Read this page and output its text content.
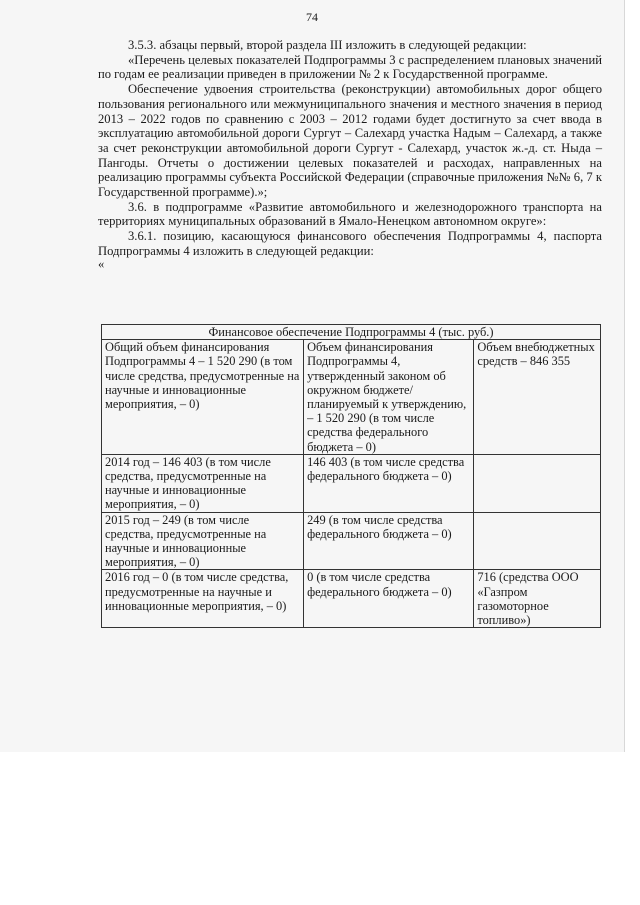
74

3.5.3. абзацы первый, второй раздела III изложить в следующей редакции:

«Перечень целевых показателей Подпрограммы 3 с распределением плановых значений по годам ее реализации приведен в приложении № 2 к Государственной программе.

Обеспечение удвоения строительства (реконструкции) автомобильных дорог общего пользования регионального или межмуниципального значения и местного значения в период 2013 – 2022 годов по сравнению с 2003 – 2012 годами будет достигнуто за счет ввода в эксплуатацию автомобильной дороги Сургут – Салехард участка Надым – Салехард, а также за счет реконструкции автомобильной дороги Сургут - Салехард, участок ж.-д. ст. Ныда – Пангоды. Отчеты о достижении целевых показателей и расходах, направленных на реализацию программы субъекта Российской Федерации (справочные приложения №№ 6, 7 к Государственной программе).»;

3.6. в подпрограмме «Развитие автомобильного и железнодорожного транспорта на территориях муниципальных образований в Ямало-Ненецком автономном округе»:

3.6.1. позицию, касающуюся финансового обеспечения Подпрограммы 4, паспорта Подпрограммы 4 изложить в следующей редакции:

«
Финансовое обеспечение Подпрограммы 4 (тыс. руб.)		
Общий объем финансирования Подпрограммы 4 – 1 520 290 (в том числе средства, предусмотренные на научные и инновационные мероприятия, – 0)	Объем финансирования Подпрограммы 4, утвержденный законом об окружном бюджете/планируемый к утверждению, – 1 520 290 (в том числе средства федерального бюджета – 0)	Объем внебюджетных средств – 846 355
2014 год – 146 403 (в том числе средства, предусмотренные на научные и инновационные мероприятия, – 0)	146 403 (в том числе средства федерального бюджета – 0)	
2015 год – 249 (в том числе средства, предусмотренные на научные и инновационные мероприятия, – 0)	249 (в том числе средства федерального бюджета – 0)	
2016 год – 0 (в том числе средства, предусмотренные на научные и инновационные мероприятия, – 0)	0 (в том числе средства федерального бюджета – 0)	716 (средства ООО «Газпром газомоторное топливо»)
